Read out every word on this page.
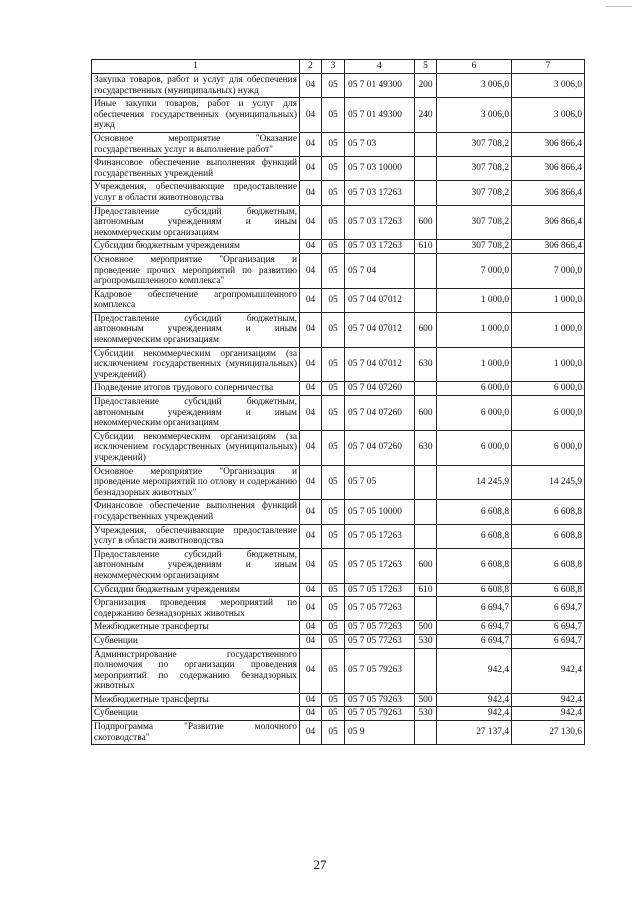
1	2	3	4	5	6	7
Закупка товаров, работ и услуг для обеспечения государственных (муниципальных) нужд	04	05	05 7 01 49300	200	3 006,0	3 006,0
Иные закупки товаров, работ и услуг для обеспечения государственных (муниципальных) нужд	04	05	05 7 01 49300	240	3 006,0	3 006,0
Основное мероприятие "Оказание государственных услуг и выполнение работ"	04	05	05 7 03		307 708,2	306 866,4
Финансовое обеспечение выполнения функций государственных учреждений	04	05	05 7 03 10000		307 708,2	306 866,4
Учреждения, обеспечивающие предоставление услуг в области животноводства	04	05	05 7 03 17263		307 708,2	306 866,4
Предоставление субсидий бюджетным, автономным учреждениям и иным некоммерческим организациям	04	05	05 7 03 17263	600	307 708,2	306 866,4
Субсидии бюджетным учреждениям	04	05	05 7 03 17263	610	307 708,2	306 866,4
Основное мероприятие "Организация и проведение прочих мероприятий по развитию агропромышленного комплекса"	04	05	05 7 04		7 000,0	7 000,0
Кадровое обеспечение агропромышленного комплекса	04	05	05 7 04 07012		1 000,0	1 000,0
Предоставление субсидий бюджетным, автономным учреждениям и иным некоммерческим организациям	04	05	05 7 04 07012	600	1 000,0	1 000,0
Субсидии некоммерческим организациям (за исключением государственных (муниципальных) учреждений)	04	05	05 7 04 07012	630	1 000,0	1 000,0
Подведение итогов трудового соперничества	04	05	05 7 04 07260		6 000,0	6 000,0
Предоставление субсидий бюджетным, автономным учреждениям и иным некоммерческим организациям	04	05	05 7 04 07260	600	6 000,0	6 000,0
Субсидии некоммерческим организациям (за исключением государственных (муниципальных) учреждений)	04	05	05 7 04 07260	630	6 000,0	6 000,0
Основное мероприятие "Организация и проведение мероприятий по отлову и содержанию безнадзорных животных"	04	05	05 7 05		14 245,9	14 245,9
Финансовое обеспечение выполнения функций государственных учреждений	04	05	05 7 05 10000		6 608,8	6 608,8
Учреждения, обеспечивающие предоставление услуг в области животноводства	04	05	05 7 05 17263		6 608,8	6 608,8
Предоставление субсидий бюджетным, автономным учреждениям и иным некоммерческим организациям	04	05	05 7 05 17263	600	6 608,8	6 608,8
Субсидии бюджетным учреждениям	04	05	05 7 05 17263	610	6 608,8	6 608,8
Организация проведения мероприятий по содержанию безнадзорных животных	04	05	05 7 05 77263		6 694,7	6 694,7
Межбюджетные трансферты	04	05	05 7 05 77263	500	6 694,7	6 694,7
Субвенции	04	05	05 7 05 77263	530	6 694,7	6 694,7
Администрирование государственного полномочия по организации проведения мероприятий по содержанию безнадзорных животных	04	05	05 7 05 79263		942,4	942,4
Межбюджетные трансферты	04	05	05 7 05 79263	500	942,4	942,4
Субвенции	04	05	05 7 05 79263	530	942,4	942,4
Подпрограмма "Развитие молочного скотоводства"	04	05	05 9		27 137,4	27 130,6
27
